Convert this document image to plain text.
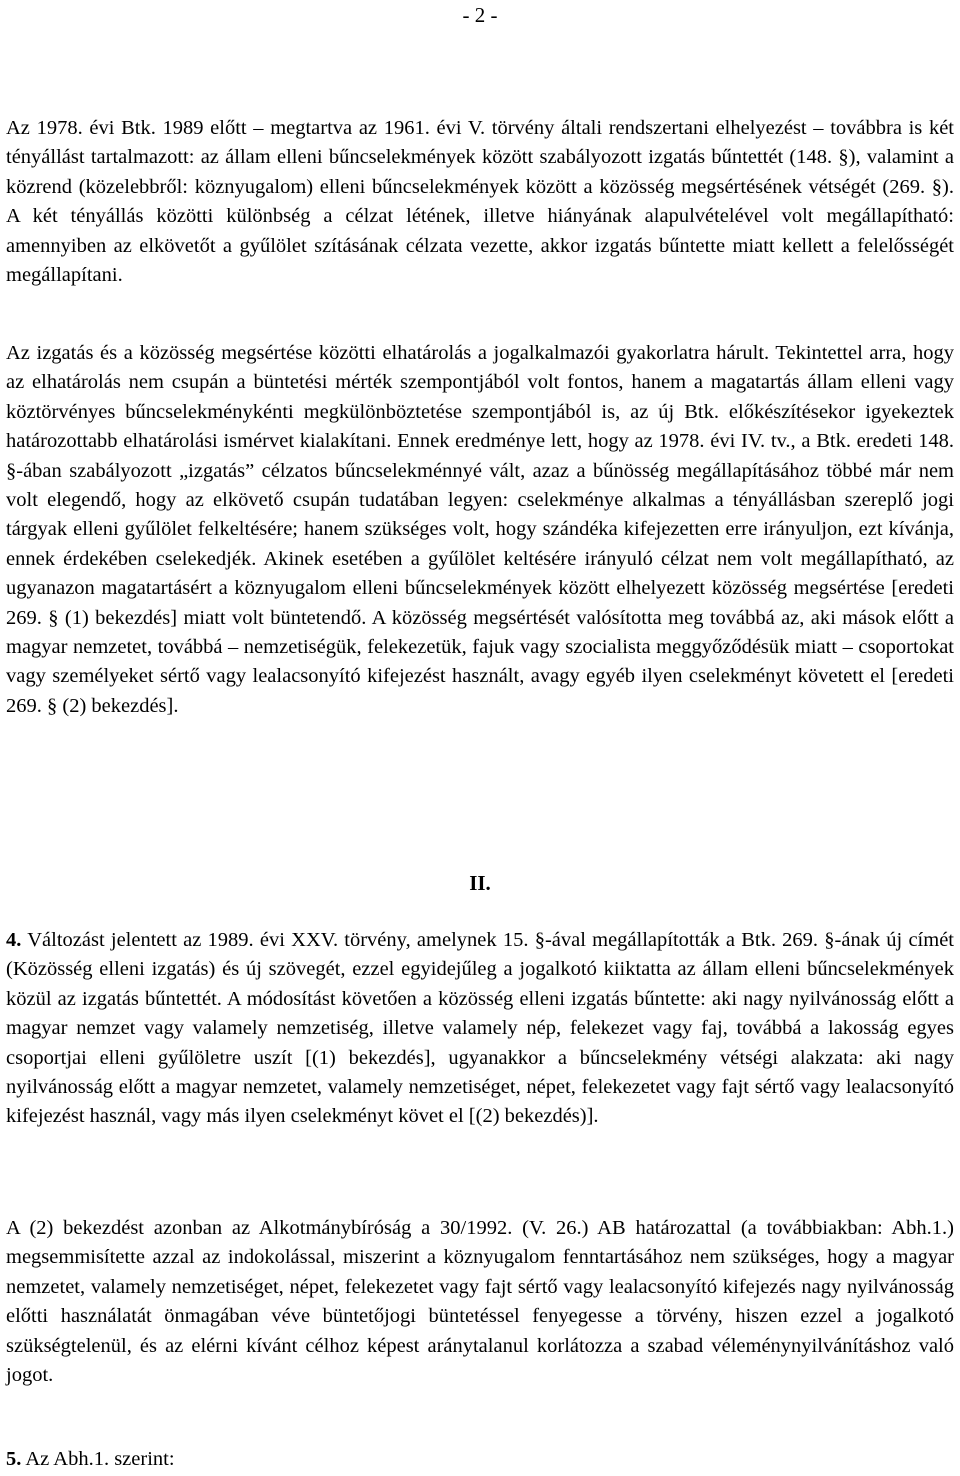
- 2 -

Az 1978. évi Btk. 1989 előtt – megtartva az 1961. évi V. törvény általi rendszertani elhelyezést – továbbra is két tényállást tartalmazott: az állam elleni bűncselekmények között szabályozott izgatás bűntettét (148. §), valamint a közrend (közelebbről: köznyugalom) elleni bűncselekmények között a közösség megsértésének vétségét (269. §). A két tényállás közötti különbség a célzat létének, illetve hiányának alapulvételével volt megállapítható: amennyiben az elkövetőt a gyűlölet szításának célzata vezette, akkor izgatás bűntette miatt kellett a felelősségét megállapítani.

Az izgatás és a közösség megsértése közötti elhatárolás a jogalkalmazói gyakorlatra hárult. Tekintettel arra, hogy az elhatárolás nem csupán a büntetési mérték szempontjából volt fontos, hanem a magatartás állam elleni vagy köztörvényes bűncselekménykénti megkülönböztetése szempontjából is, az új Btk. előkészítésekor igyekeztek határozottabb elhatárolási ismérvet kialakítani. Ennek eredménye lett, hogy az 1978. évi IV. tv., a Btk. eredeti 148. §-ában szabályozott „izgatás” célzatos bűncselekménnyé vált, azaz a bűnösség megállapításához többé már nem volt elegendő, hogy az elkövető csupán tudatában legyen: cselekménye alkalmas a tényállásban szereplő jogi tárgyak elleni gyűlölet felkeltésére; hanem szükséges volt, hogy szándéka kifejezetten erre irányuljon, ezt kívánja, ennek érdekében cselekedjék. Akinek esetében a gyűlölet keltésére irányuló célzat nem volt megállapítható, az ugyanazon magatartásért a köznyugalom elleni bűncselekmények között elhelyezett közösség megsértése [eredeti 269. § (1) bekezdés] miatt volt büntetendő. A közösség megsértését valósította meg továbbá az, aki mások előtt a magyar nemzetet, továbbá – nemzetiségük, felekezetük, fajuk vagy szocialista meggyőződésük miatt – csoportokat vagy személyeket sértő vagy lealacsonyító kifejezést használt, avagy egyéb ilyen cselekményt követett el [eredeti 269. § (2) bekezdés].

4. Változást jelentett az 1989. évi XXV. törvény, amelynek 15. §-ával megállapították a Btk. 269. §-ának új címét (Közösség elleni izgatás) és új szövegét, ezzel egyidejűleg a jogalkotó kiiktatta az állam elleni bűncselekmények közül az izgatás bűntettét. A módosítást követően a közösség elleni izgatás bűntette: aki nagy nyilvánosság előtt a magyar nemzet vagy valamely nemzetiség, illetve valamely nép, felekezet vagy faj, továbbá a lakosság egyes csoportjai elleni gyűlöletre uszít [(1) bekezdés], ugyanakkor a bűncselekmény vétségi alakzata: aki nagy nyilvánosság előtt a magyar nemzetet, valamely nemzetiséget, népet, felekezetet vagy fajt sértő vagy lealacsonyító kifejezést használ, vagy más ilyen cselekményt követ el [(2) bekezdés)].

A (2) bekezdést azonban az Alkotmánybíróság a 30/1992. (V. 26.) AB határozattal (a továbbiakban: Abh.1.) megsemmisítette azzal az indokolással, miszerint a köznyugalom fenntartásához nem szükséges, hogy a magyar nemzetet, valamely nemzetiséget, népet, felekezetet vagy fajt sértő vagy lealacsonyító kifejezés nagy nyilvánosság előtti használatát önmagában véve büntetőjogi büntetéssel fenyegesse a törvény, hiszen ezzel a jogalkotó szükségtelenül, és az elérni kívánt célhoz képest aránytalanul korlátozza a szabad véleménynyilvánításhoz való jogot.

5. Az Abh.1. szerint:

II.
